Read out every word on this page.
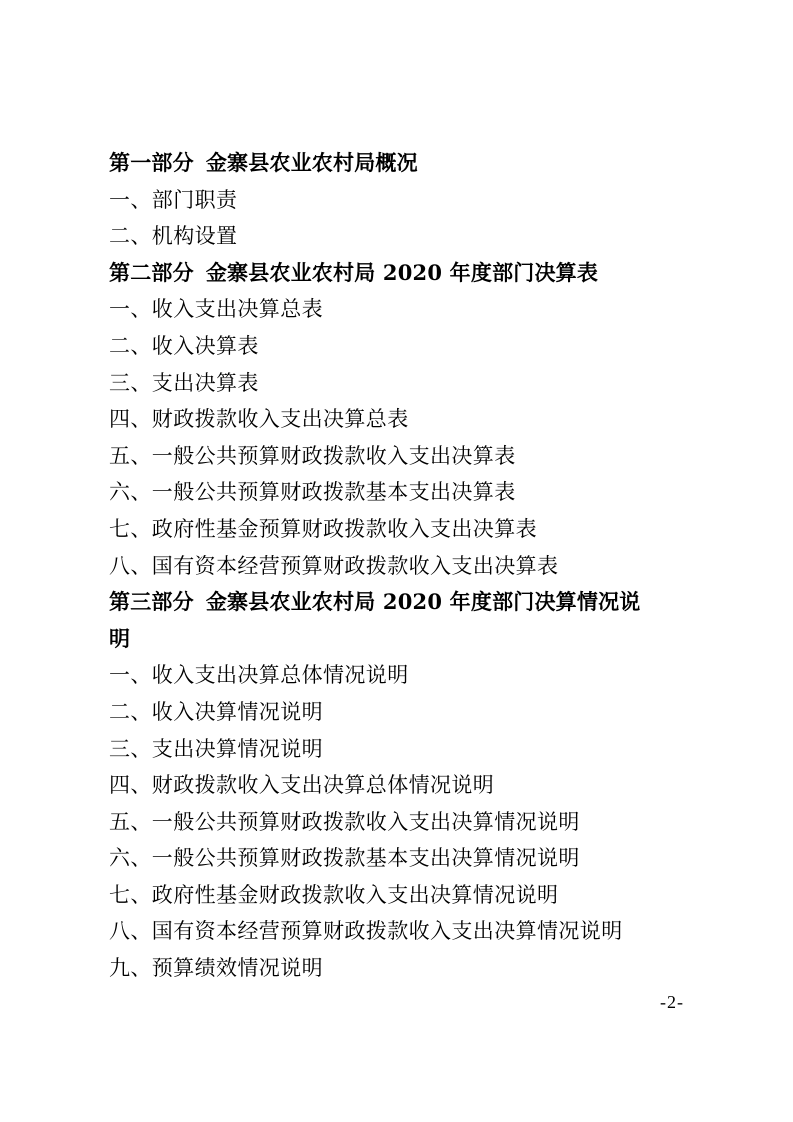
第一部分 金寨县农业农村局概况
一、部门职责
二、机构设置
第二部分 金寨县农业农村局 2020 年度部门决算表
一、收入支出决算总表
二、收入决算表
三、支出决算表
四、财政拨款收入支出决算总表
五、一般公共预算财政拨款收入支出决算表
六、一般公共预算财政拨款基本支出决算表
七、政府性基金预算财政拨款收入支出决算表
八、国有资本经营预算财政拨款收入支出决算表
第三部分 金寨县农业农村局 2020 年度部门决算情况说
明
一、收入支出决算总体情况说明
二、收入决算情况说明
三、支出决算情况说明
四、财政拨款收入支出决算总体情况说明
五、一般公共预算财政拨款收入支出决算情况说明
六、一般公共预算财政拨款基本支出决算情况说明
七、政府性基金财政拨款收入支出决算情况说明
八、国有资本经营预算财政拨款收入支出决算情况说明
九、预算绩效情况说明
-2-
